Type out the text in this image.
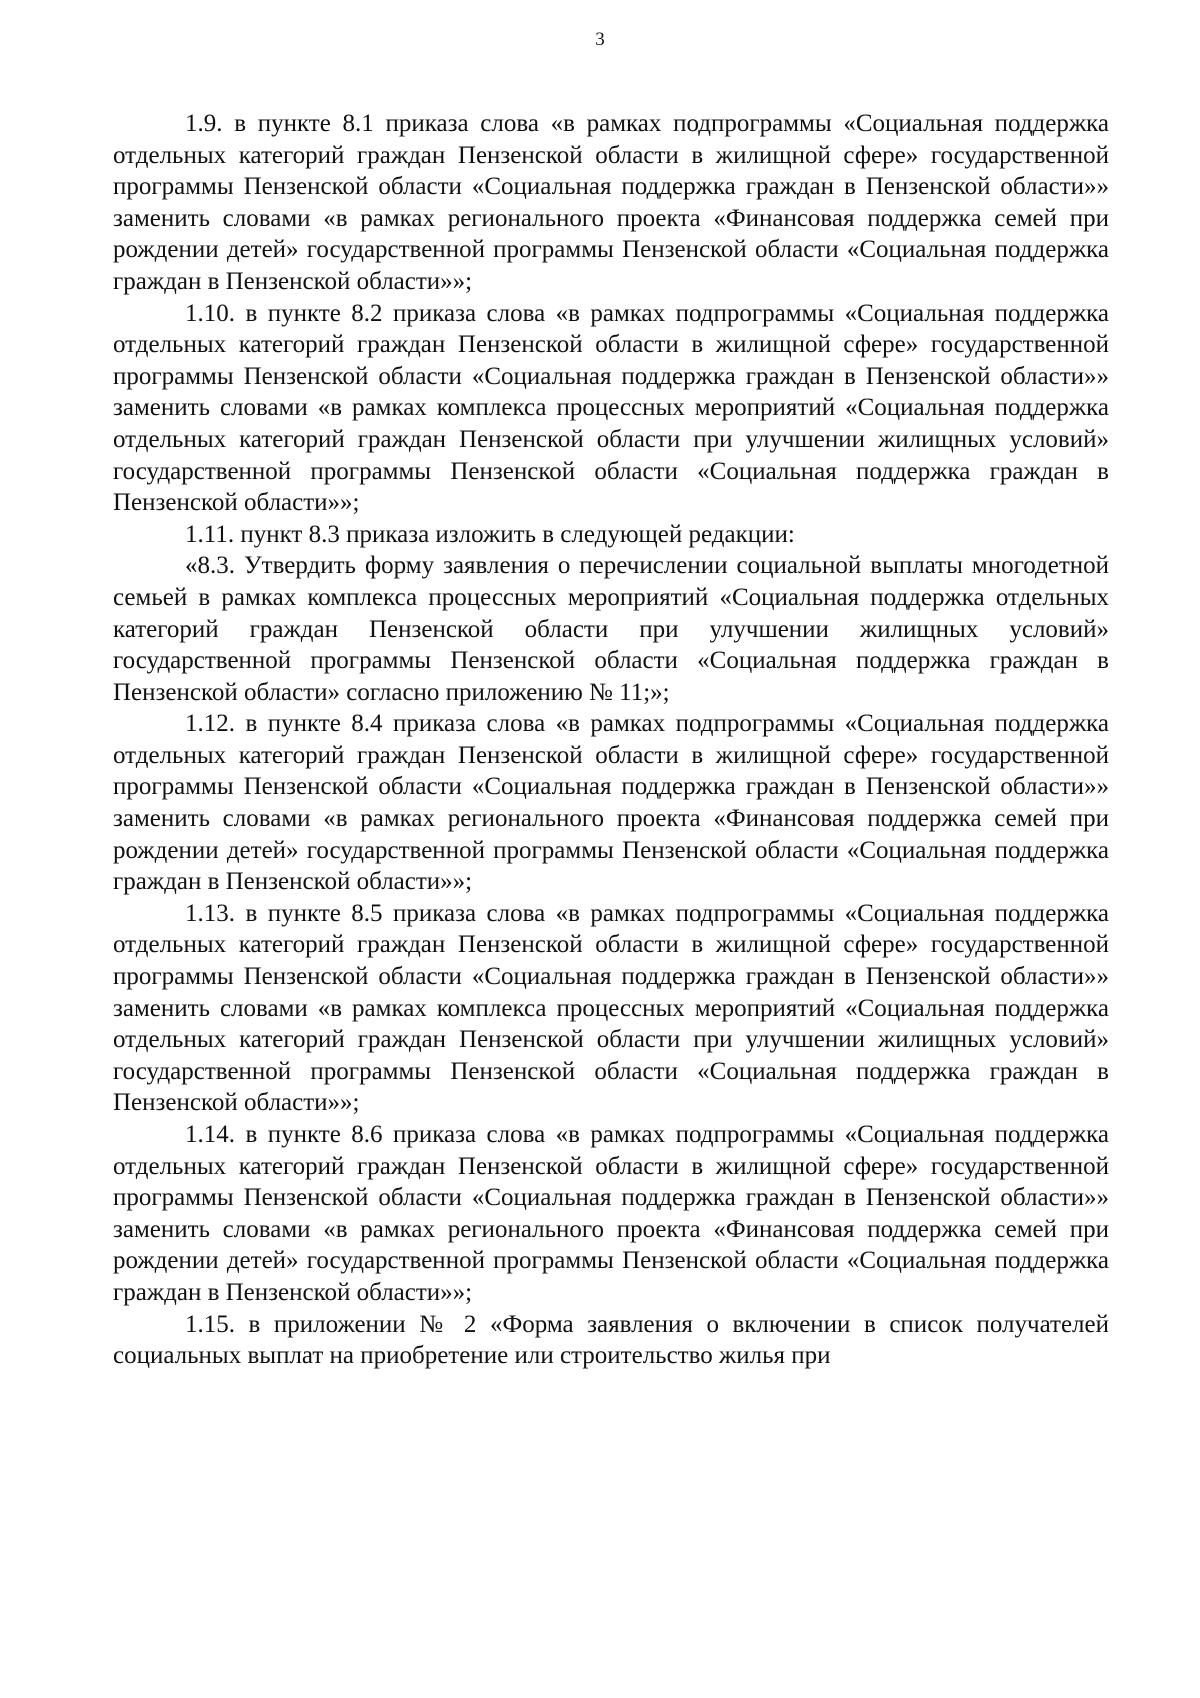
3

1.9. в пункте 8.1 приказа слова «в рамках подпрограммы «Социальная поддержка отдельных категорий граждан Пензенской области в жилищной сфере» государственной программы Пензенской области «Социальная поддержка граждан в Пензенской области»» заменить словами «в рамках регионального проекта «Финансовая поддержка семей при рождении детей» государственной программы Пензенской области «Социальная поддержка граждан в Пензенской области»»;

1.10. в пункте 8.2 приказа слова «в рамках подпрограммы «Социальная поддержка отдельных категорий граждан Пензенской области в жилищной сфере» государственной программы Пензенской области «Социальная поддержка граждан в Пензенской области»» заменить словами «в рамках комплекса процессных мероприятий «Социальная поддержка отдельных категорий граждан Пензенской области при улучшении жилищных условий» государственной программы Пензенской области «Социальная поддержка граждан в Пензенской области»»;

1.11. пункт 8.3 приказа изложить в следующей редакции:

«8.3. Утвердить форму заявления о перечислении социальной выплаты многодетной семьей в рамках комплекса процессных мероприятий «Социальная поддержка отдельных категорий граждан Пензенской области при улучшении жилищных условий» государственной программы Пензенской области «Социальная поддержка граждан в Пензенской области» согласно приложению № 11;»;

1.12. в пункте 8.4 приказа слова «в рамках подпрограммы «Социальная поддержка отдельных категорий граждан Пензенской области в жилищной сфере» государственной программы Пензенской области «Социальная поддержка граждан в Пензенской области»» заменить словами «в рамках регионального проекта «Финансовая поддержка семей при рождении детей» государственной программы Пензенской области «Социальная поддержка граждан в Пензенской области»»;

1.13. в пункте 8.5 приказа слова «в рамках подпрограммы «Социальная поддержка отдельных категорий граждан Пензенской области в жилищной сфере» государственной программы Пензенской области «Социальная поддержка граждан в Пензенской области»» заменить словами «в рамках комплекса процессных мероприятий «Социальная поддержка отдельных категорий граждан Пензенской области при улучшении жилищных условий» государственной программы Пензенской области «Социальная поддержка граждан в Пензенской области»»;

1.14. в пункте 8.6 приказа слова «в рамках подпрограммы «Социальная поддержка отдельных категорий граждан Пензенской области в жилищной сфере» государственной программы Пензенской области «Социальная поддержка граждан в Пензенской области»» заменить словами «в рамках регионального проекта «Финансовая поддержка семей при рождении детей» государственной программы Пензенской области «Социальная поддержка граждан в Пензенской области»»;

1.15. в приложении № 2 «Форма заявления о включении в список получателей социальных выплат на приобретение или строительство жилья при
